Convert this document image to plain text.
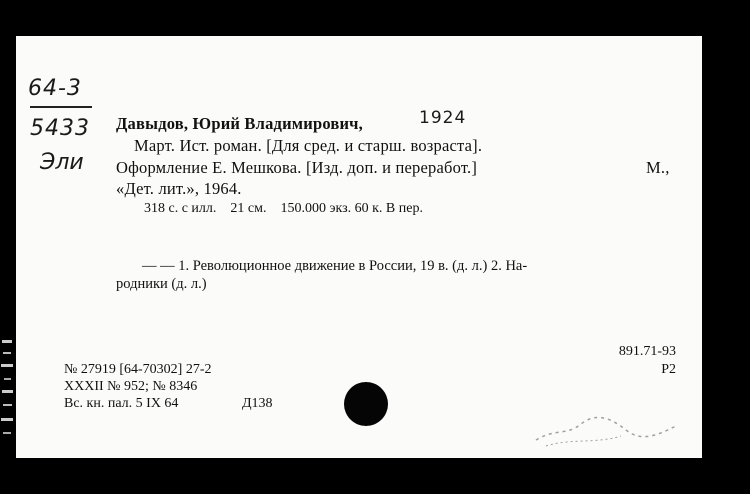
64-3
5433
Эли
Давыдов, Юрий Владимирович,	1924
Март. Ист. роман. [Для сред. и старш. возраста].
Оформление Е. Мешкова. [Изд. доп. и переработ.]	М.,
«Дет. лит.», 1964.
318 с. с илл.    21 см.    150.000 экз. 60 к. В пер.
— — 1. Революционное движение в России, 19 в. (д. л.) 2. На-
родники (д. л.)
891.71-93
Р2
№ 27919 [64-70302] 27-2
XXXII № 952; № 8346
Вс. кн. пал. 5 IX 64	Д138
